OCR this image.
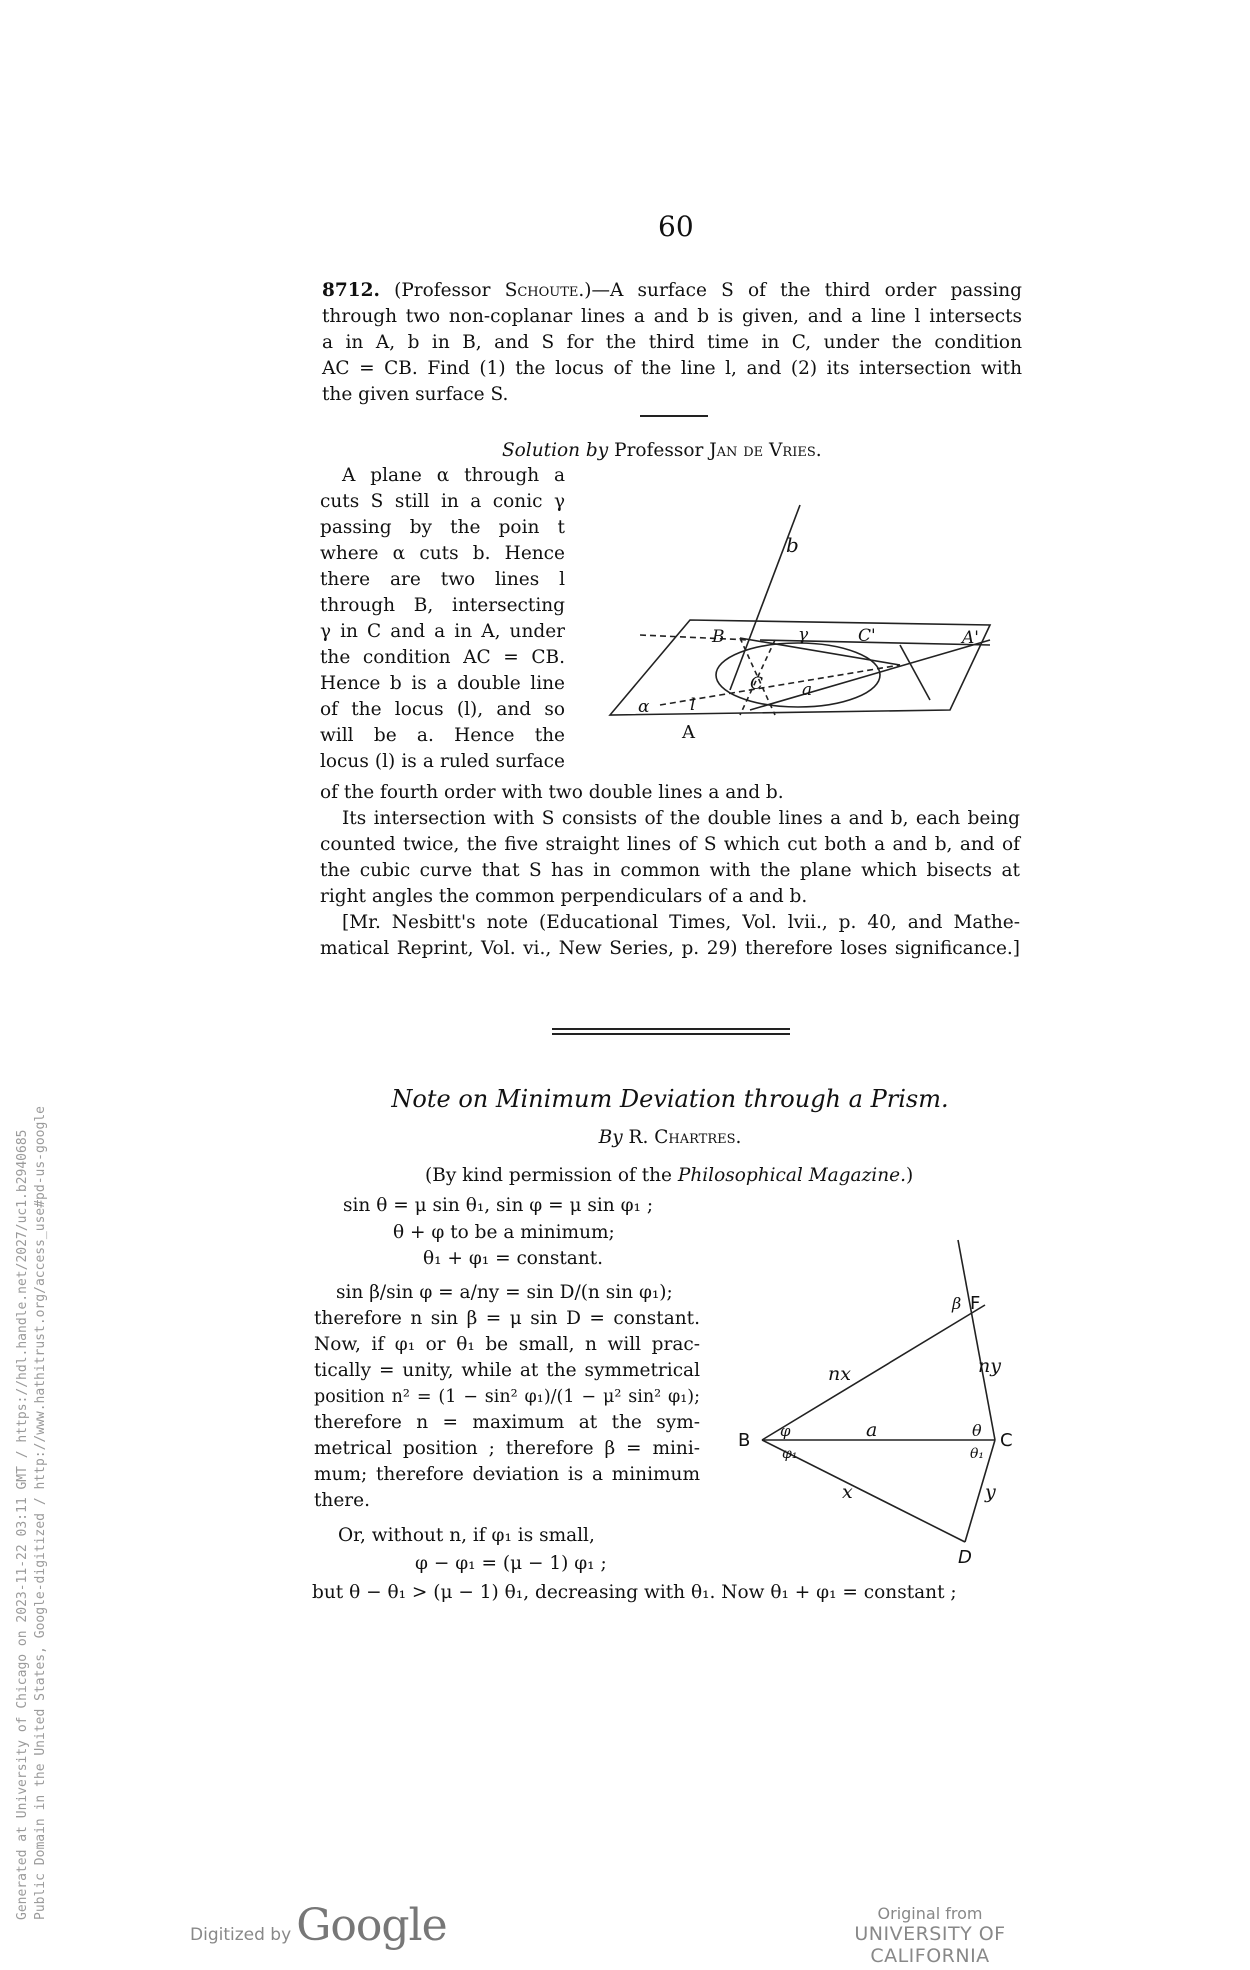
60

8712. (Professor Schoute.)—A surface S of the third order passing

through two non-coplanar lines a and b is given, and a line l intersects

a in A, b in B, and S for the third time in C, under the condition

AC = CB. Find (1) the locus of the line l, and (2) its intersection with

the given surface S.

Solution by Professor Jan de Vries.
A plane α through a
cuts S still in a conic γ
passing by the poin t
where α cuts b. Hence
there are two lines l
through B, intersecting
γ in C and a in A, under
the condition AC = CB.
Hence b is a double line
of the locus (l), and so
will be a. Hence the
locus (l) is a ruled surface
b
B	γ	C'	A'
C a
α l
A
of the fourth order with two double lines a and b.
Its intersection with S consists of the double lines a and b, each being
counted twice, the five straight lines of S which cut both a and b, and of
the cubic curve that S has in common with the plane which bisects at
right angles the common perpendiculars of a and b.
[Mr. Nesbitt's note (Educational Times, Vol. lvii., p. 40, and Mathe-
matical Reprint, Vol. vi., New Series, p. 29) therefore loses significance.]
Note on Minimum Deviation through a Prism.
By R. Chartres.
(By kind permission of the Philosophical Magazine.)
sin θ = μ sin θ₁, sin φ = μ sin φ₁ ;
θ + φ to be a minimum;
θ₁ + φ₁ = constant.
sin β/sin φ = a/ny = sin D/(n sin φ₁);
therefore n sin β = μ sin D = constant.
Now, if φ₁ or θ₁ be small, n will prac-
tically = unity, while at the symmetrical
position n² = (1 − sin² φ₁)/(1 − μ² sin² φ₁);
therefore n = maximum at the sym-
metrical position ; therefore β = mini-
mum; therefore deviation is a minimum
there.
β F
nx	ny
B φ
φ₁
a	θ
θ₁
C
x	y
D
Or, without n, if φ₁ is small,
φ − φ₁ = (μ − 1) φ₁ ;
but θ − θ₁ > (μ − 1) θ₁, decreasing with θ₁. Now θ₁ + φ₁ = constant ;
Generated at University of Chicago on 2023-11-22 03:11 GMT / https://hdl.handle.net/2027/uc1.b2940685 Public Domain in the United States, Google-digitized / http://www.hathitrust.org/access_use#pd-us-google
Digitized by Google	Original from
UNIVERSITY OF CALIFORNIA
